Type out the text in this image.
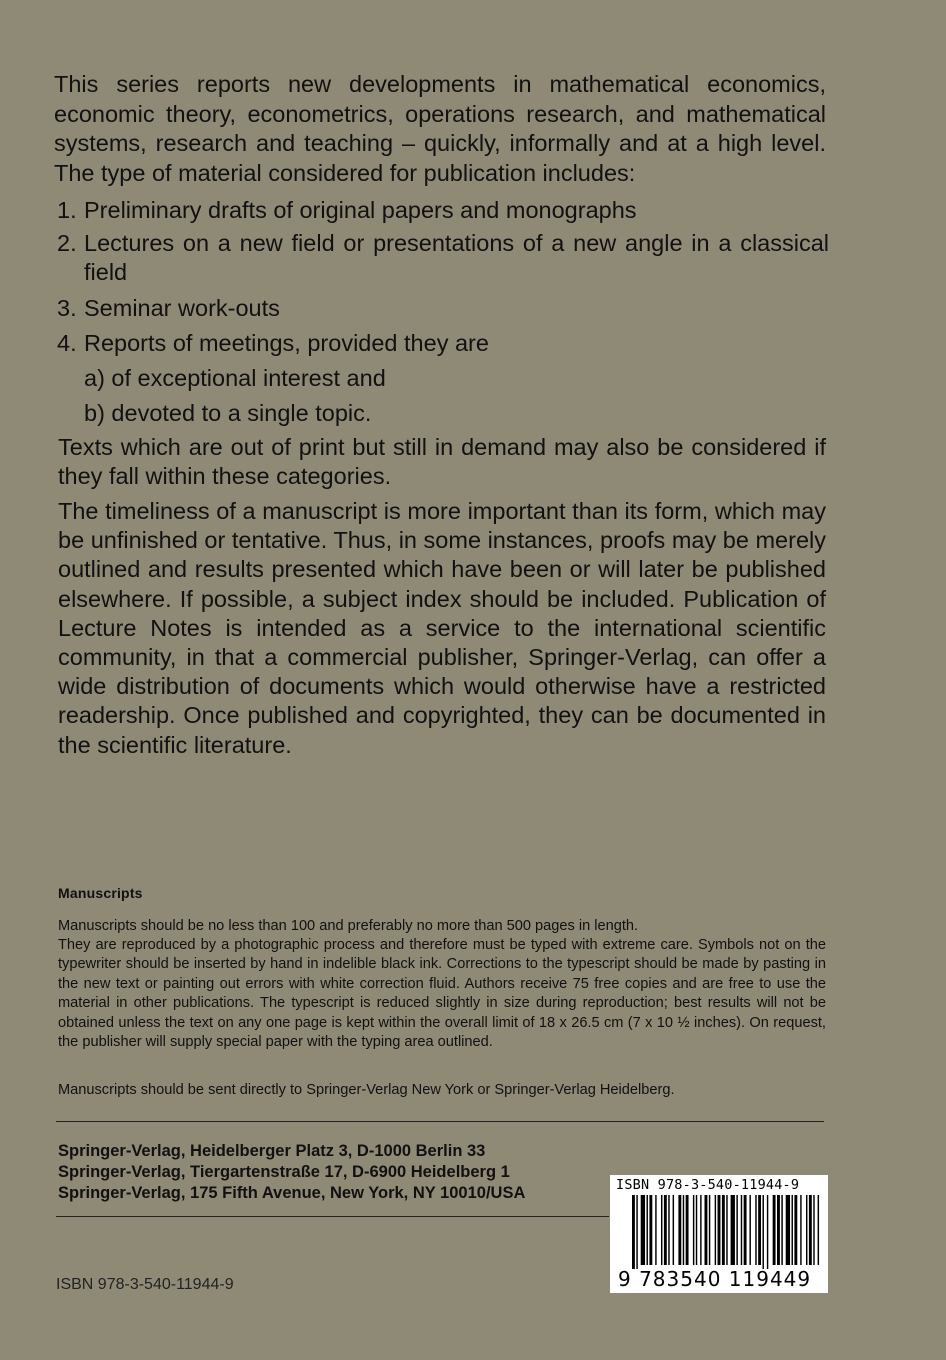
This series reports new developments in mathematical economics, economic theory, econometrics, operations research, and mathematical systems, research and teaching – quickly, informally and at a high level. The type of material considered for publication includes:

1. Preliminary drafts of original papers and monographs
2. Lectures on a new field or presentations of a new angle in a classical field
3. Seminar work-outs
4. Reports of meetings, provided they are
a) of exceptional interest and
b) devoted to a single topic.

Texts which are out of print but still in demand may also be considered if they fall within these categories.

The timeliness of a manuscript is more important than its form, which may be unfinished or tentative. Thus, in some instances, proofs may be merely outlined and results presented which have been or will later be published elsewhere. If possible, a subject index should be included. Publication of Lecture Notes is intended as a service to the international scientific community, in that a commercial publisher, Springer-Verlag, can offer a wide distribution of documents which would otherwise have a restricted readership. Once published and copyrighted, they can be documented in the scientific literature.

Manuscripts

Manuscripts should be no less than 100 and preferably no more than 500 pages in length.

They are reproduced by a photographic process and therefore must be typed with extreme care. Symbols not on the typewriter should be inserted by hand in indelible black ink. Corrections to the typescript should be made by pasting in the new text or painting out errors with white correction fluid. Authors receive 75 free copies and are free to use the material in other publications. The typescript is reduced slightly in size during reproduction; best results will not be obtained unless the text on any one page is kept within the overall limit of 18 x 26.5 cm (7 x 10 ½ inches). On request, the publisher will supply special paper with the typing area outlined.

Manuscripts should be sent directly to Springer-Verlag New York or Springer-Verlag Heidelberg.

Springer-Verlag, Heidelberger Platz 3, D-1000 Berlin 33
Springer-Verlag, Tiergartenstraße 17, D-6900 Heidelberg 1
Springer-Verlag, 175 Fifth Avenue, New York, NY 10010/USA
ISBN 978-3-540-11944-9
ISBN 978-3-540-11944-9
9 783540 119449
